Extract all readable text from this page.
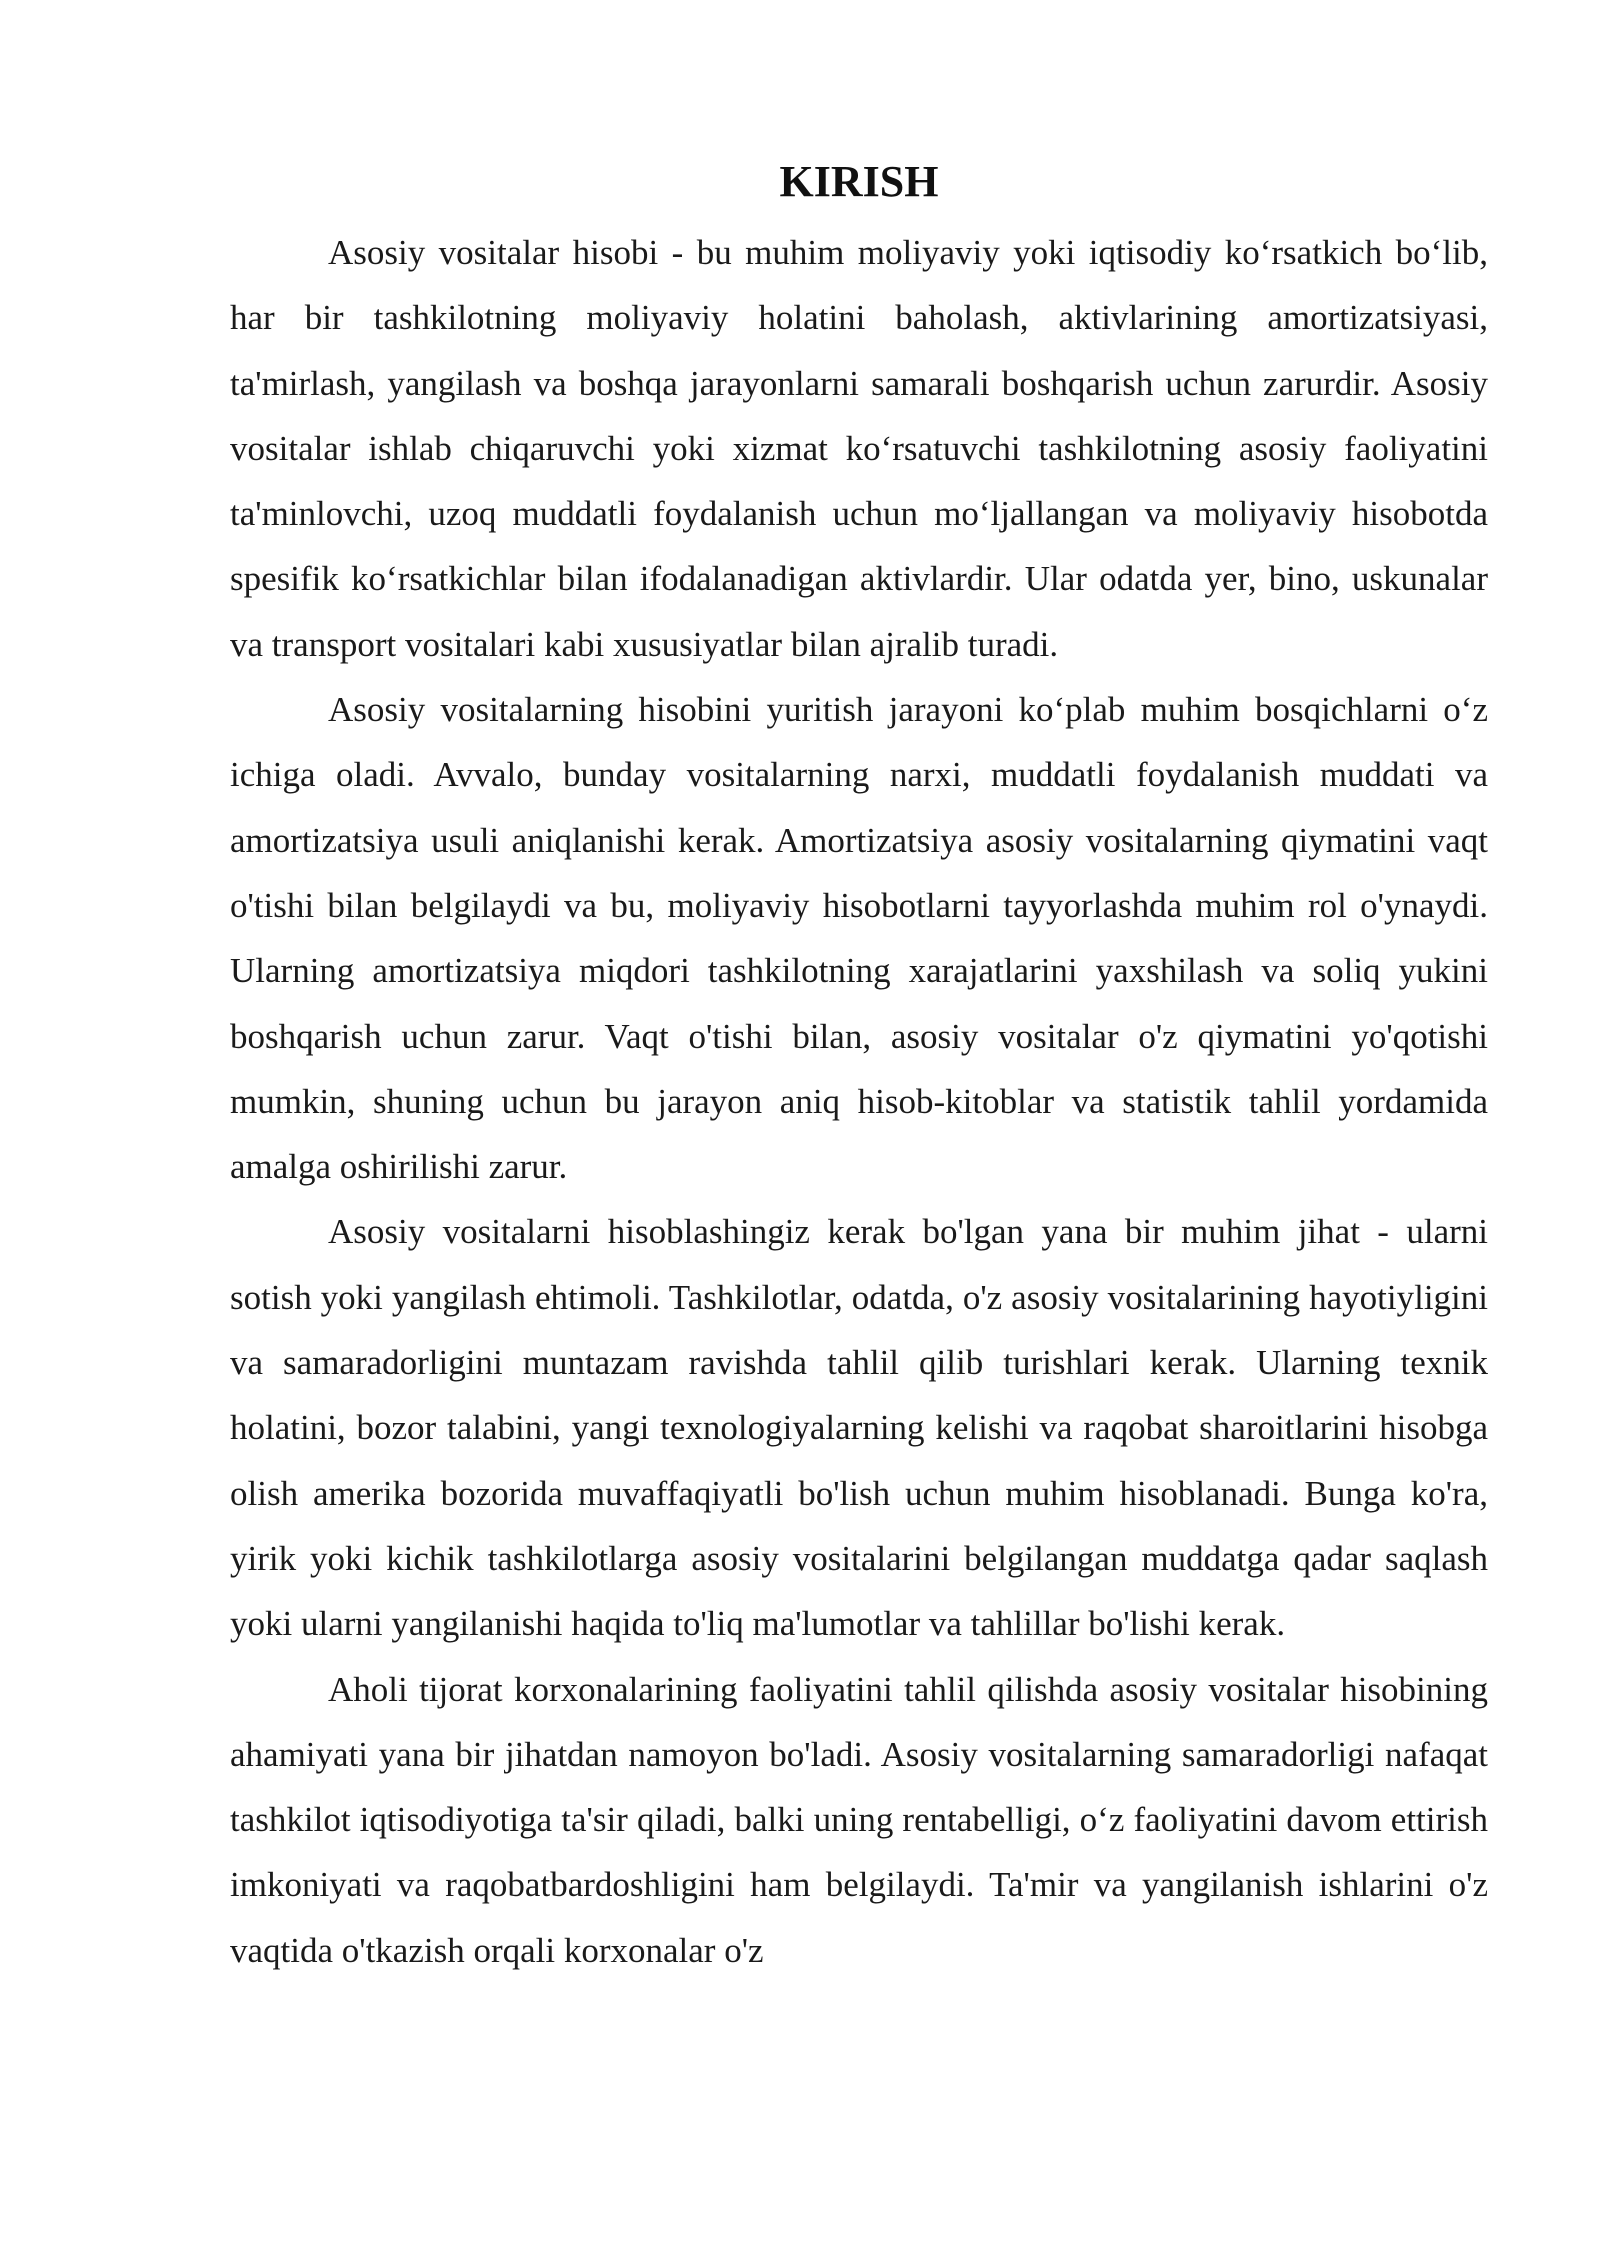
KIRISH

Asosiy vositalar hisobi - bu muhim moliyaviy yoki iqtisodiy ko‘rsatkich bo‘lib, har bir tashkilotning moliyaviy holatini baholash, aktivlarining amortizatsiyasi, ta'mirlash, yangilash va boshqa jarayonlarni samarali boshqarish uchun zarurdir. Asosiy vositalar ishlab chiqaruvchi yoki xizmat ko‘rsatuvchi tashkilotning asosiy faoliyatini ta'minlovchi, uzoq muddatli foydalanish uchun mo‘ljallangan va moliyaviy hisobotda spesifik ko‘rsatkichlar bilan ifodalanadigan aktivlardir. Ular odatda yer, bino, uskunalar va transport vositalari kabi xususiyatlar bilan ajralib turadi.

Asosiy vositalarning hisobini yuritish jarayoni ko‘plab muhim bosqichlarni o‘z ichiga oladi. Avvalo, bunday vositalarning narxi, muddatli foydalanish muddati va amortizatsiya usuli aniqlanishi kerak. Amortizatsiya asosiy vositalarning qiymatini vaqt o'tishi bilan belgilaydi va bu, moliyaviy hisobotlarni tayyorlashda muhim rol o'ynaydi. Ularning amortizatsiya miqdori tashkilotning xarajatlarini yaxshilash va soliq yukini boshqarish uchun zarur. Vaqt o'tishi bilan, asosiy vositalar o'z qiymatini yo'qotishi mumkin, shuning uchun bu jarayon aniq hisob-kitoblar va statistik tahlil yordamida amalga oshirilishi zarur.

Asosiy vositalarni hisoblashingiz kerak bo'lgan yana bir muhim jihat - ularni sotish yoki yangilash ehtimoli. Tashkilotlar, odatda, o'z asosiy vositalarining hayotiyligini va samaradorligini muntazam ravishda tahlil qilib turishlari kerak. Ularning texnik holatini, bozor talabini, yangi texnologiyalarning kelishi va raqobat sharoitlarini hisobga olish amerika bozorida muvaffaqiyatli bo'lish uchun muhim hisoblanadi. Bunga ko'ra, yirik yoki kichik tashkilotlarga asosiy vositalarini belgilangan muddatga qadar saqlash yoki ularni yangilanishi haqida to'liq ma'lumotlar va tahlillar bo'lishi kerak.

Aholi tijorat korxonalarining faoliyatini tahlil qilishda asosiy vositalar hisobining ahamiyati yana bir jihatdan namoyon bo'ladi. Asosiy vositalarning samaradorligi nafaqat tashkilot iqtisodiyotiga ta'sir qiladi, balki uning rentabelligi, o‘z faoliyatini davom ettirish imkoniyati va raqobatbardoshligini ham belgilaydi. Ta'mir va yangilanish ishlarini o'z vaqtida o'tkazish orqali korxonalar o'z
